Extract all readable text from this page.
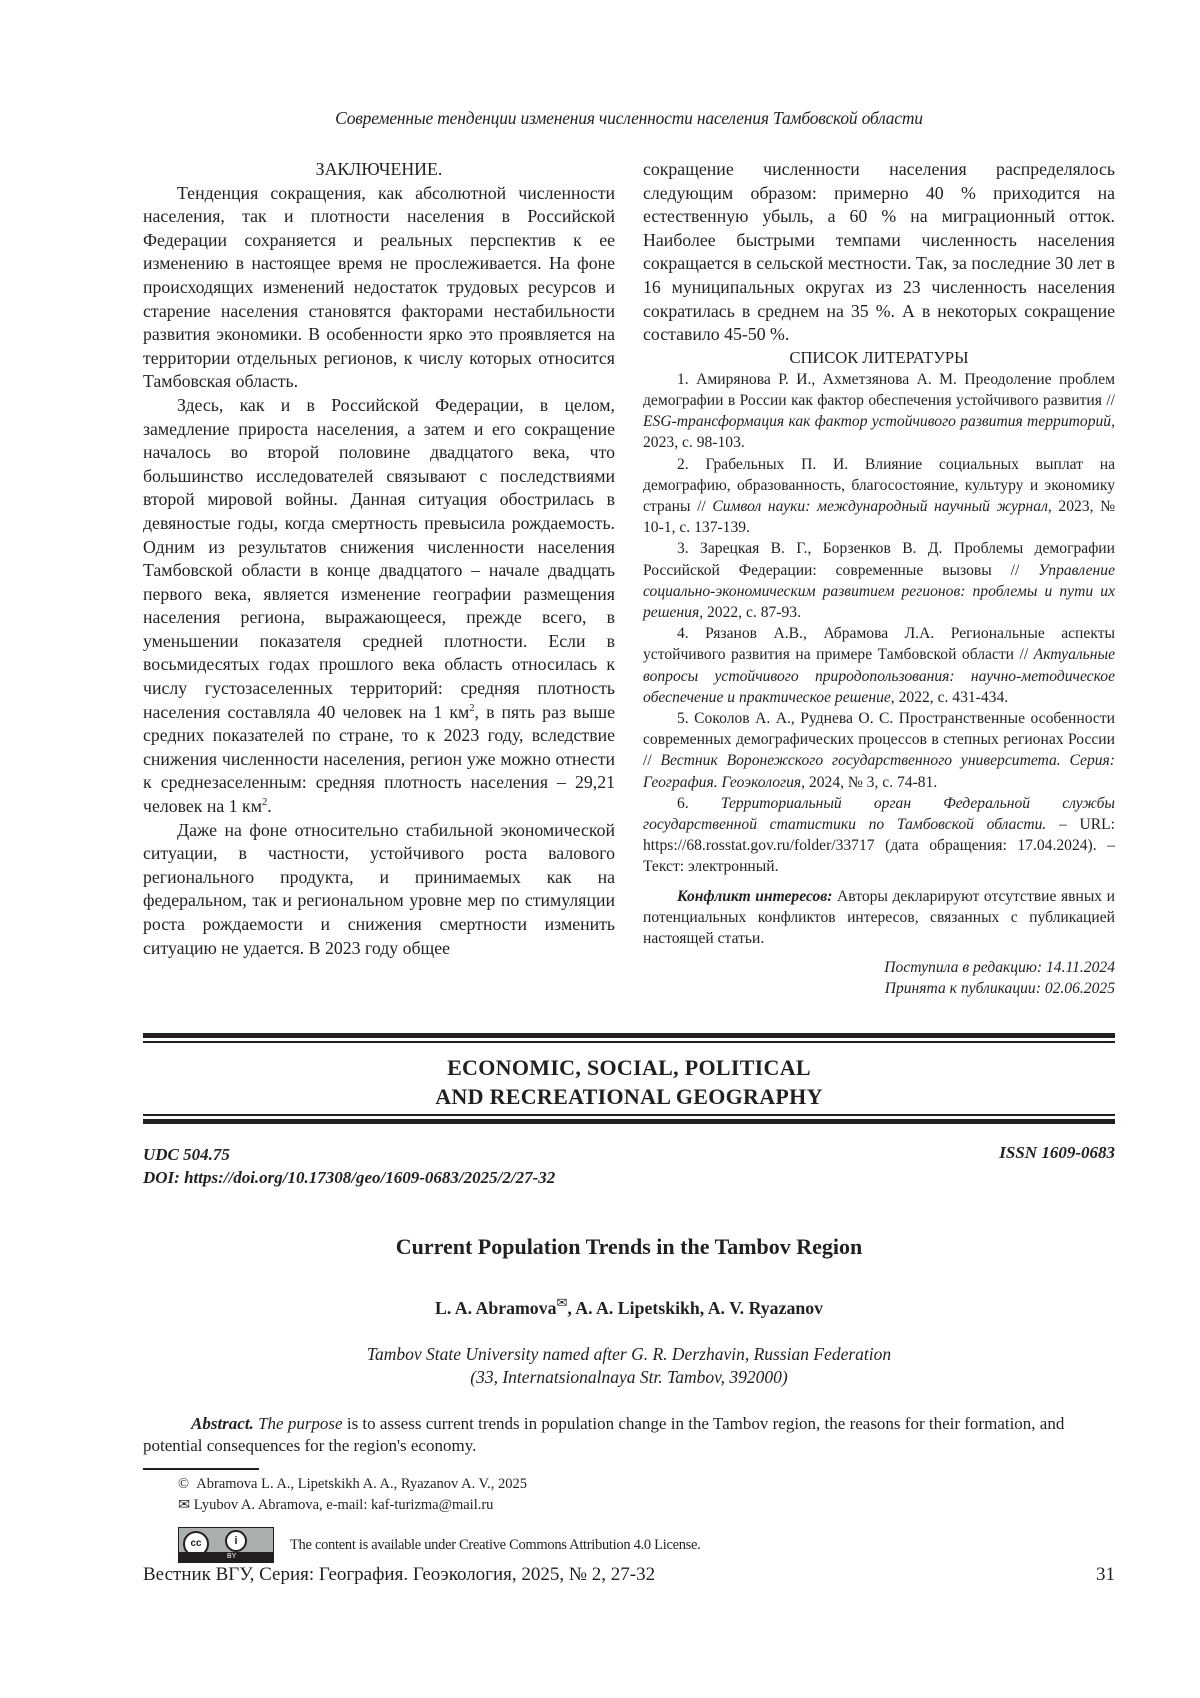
Современные тенденции изменения численности населения Тамбовской области
ЗАКЛЮЧЕНИЕ.

Тенденция сокращения, как абсолютной численности населения, так и плотности населения в Российской Федерации сохраняется и реальных перспектив к ее изменению в настоящее время не прослеживается. На фоне происходящих изменений недостаток трудовых ресурсов и старение населения становятся факторами нестабильности развития экономики. В особенности ярко это проявляется на территории отдельных регионов, к числу которых относится Тамбовская область.

Здесь, как и в Российской Федерации, в целом, замедление прироста населения, а затем и его сокращение началось во второй половине двадцатого века, что большинство исследователей связывают с последствиями второй мировой войны. Данная ситуация обострилась в девяностые годы, когда смертность превысила рождаемость. Одним из результатов снижения численности населения Тамбовской области в конце двадцатого – начале двадцать первого века, является изменение географии размещения населения региона, выражающееся, прежде всего, в уменьшении показателя средней плотности. Если в восьмидесятых годах прошлого века область относилась к числу густозаселенных территорий: средняя плотность населения составляла 40 человек на 1 $км^2$, в пять раз выше средних показателей по стране, то к 2023 году, вследствие снижения численности населения, регион уже можно отнести к среднезаселенным: средняя плотность населения – 29,21 человек на 1 $км^2$.

Даже на фоне относительно стабильной экономической ситуации, в частности, устойчивого роста валового регионального продукта, и принимаемых как на федеральном, так и региональном уровне мер по стимуляции роста рождаемости и снижения смертности изменить ситуацию не удается. В 2023 году общее

сокращение численности населения распределялось следующим образом: примерно 40 % приходится на естественную убыль, а 60 % на миграционный отток. Наиболее быстрыми темпами численность населения сокращается в сельской местности. Так, за последние 30 лет в 16 муниципальных округах из 23 численность населения сократилась в среднем на 35 %. А в некоторых сокращение составило 45-50 %.

СПИСОК ЛИТЕРАТУРЫ

1. Амирянова Р. И., Ахметзянова А. М. Преодоление проблем демографии в России как фактор обеспечения устойчивого развития // ESG-трансформация как фактор устойчивого развития территорий, 2023, с. 98-103.

2. Грабельных П. И. Влияние социальных выплат на демографию, образованность, благосостояние, культуру и экономику страны // Символ науки: международный научный журнал, 2023, № 10-1, с. 137-139.

3. Зарецкая В. Г., Борзенков В. Д. Проблемы демографии Российской Федерации: современные вызовы // Управление социально-экономическим развитием регионов: проблемы и пути их решения, 2022, с. 87-93.

4. Рязанов А.В., Абрамова Л.А. Региональные аспекты устойчивого развития на примере Тамбовской области // Актуальные вопросы устойчивого природопользования: научно-методическое обеспечение и практическое решение, 2022, с. 431-434.

5. Соколов А. А., Руднева О. С. Пространственные особенности современных демографических процессов в степных регионах России // Вестник Воронежского государственного университета. Серия: География. Геоэкология, 2024, № 3, с. 74-81.

6. Территориальный орган Федеральной службы государственной статистики по Тамбовской области. – URL: https://68.rosstat.gov.ru/folder/33717 (дата обращения: 17.04.2024). – Текст: электронный.

Конфликт интересов: Авторы декларируют отсутствие явных и потенциальных конфликтов интересов, связанных с публикацией настоящей статьи.

Поступила в редакцию: 14.11.2024
Принята к публикации: 02.06.2025

ECONOMIC, SOCIAL, POLITICAL
AND RECREATIONAL GEOGRAPHY
UDC 504.75
DOI: https://doi.org/10.17308/geo/1609-0683/2025/2/27-32
ISSN 1609-0683
Current Population Trends in the Tambov Region
L. A. Abramova✉, A. A. Lipetskikh, A. V. Ryazanov
Tambov State University named after G. R. Derzhavin, Russian Federation
(33, Internatsionalnaya Str. Tambov, 392000)
Abstract. The purpose is to assess current trends in population change in the Tambov region, the reasons for their formation, and potential consequences for the region's economy.
© Abramova L. A., Lipetskikh A. A., Ryazanov A. V., 2025
✉ Lyubov A. Abramova, e-mail: kaf-turizma@mail.ru
cc	i
BY
The content is available under Creative Commons Attribution 4.0 License.
Вестник ВГУ, Серия: География. Геоэкология, 2025, № 2, 27-32	31
